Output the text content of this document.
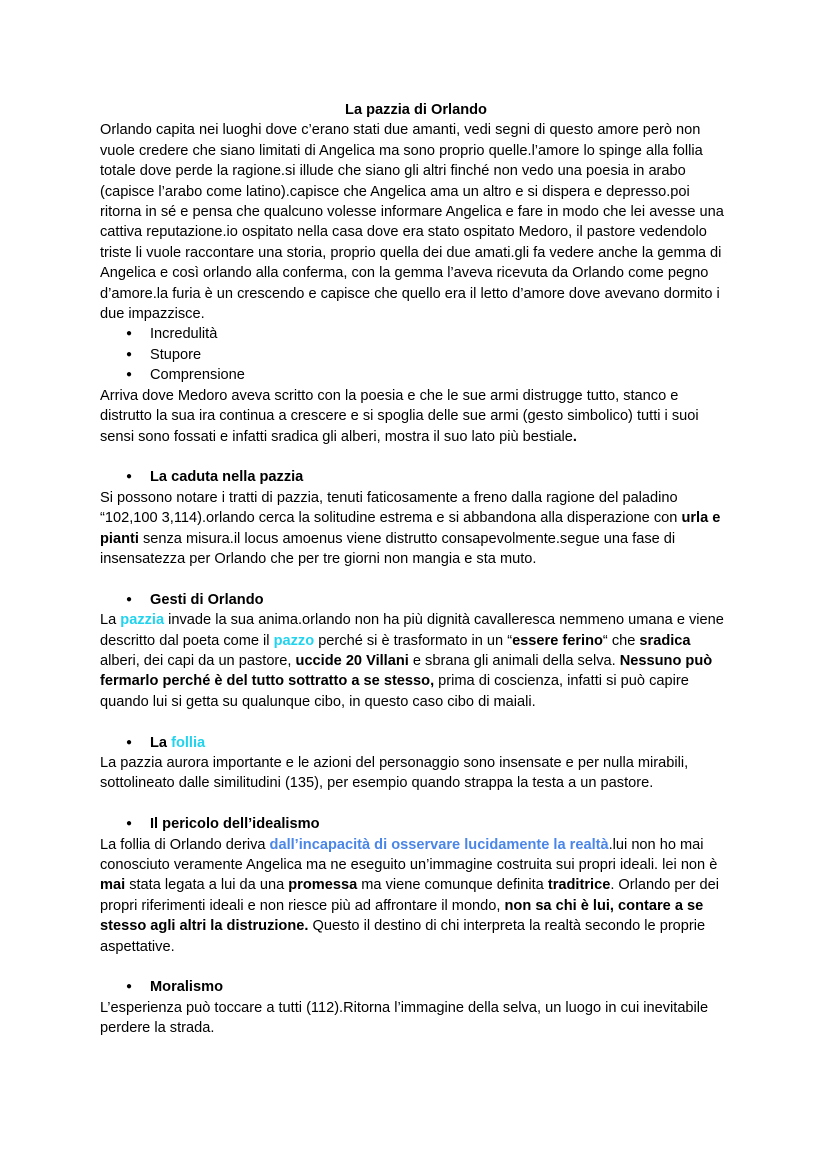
La pazzia di Orlando

Orlando capita nei luoghi dove c’erano stati due amanti, vedi segni di questo amore però non vuole credere che siano limitati di Angelica ma sono proprio quelle.l’amore lo spinge alla follia totale dove perde la ragione.si illude che siano gli altri finché non vedo una poesia in arabo (capisce l’arabo come latino).capisce che Angelica ama un altro e si dispera e depresso.poi ritorna in sé e pensa che qualcuno volesse informare Angelica e fare in modo che lei avesse una cattiva reputazione.io ospitato nella casa dove era stato ospitato Medoro, il pastore vedendolo triste li vuole raccontare una storia, proprio quella dei due amati.gli fa vedere anche la gemma di Angelica e così orlando alla conferma, con la gemma l’aveva ricevuta da Orlando come pegno d’amore.la furia è un crescendo e capisce che quello era il letto d’amore dove avevano dormito i due impazzisce.

● Incredulità
● Stupore
● Comprensione

Arriva dove Medoro aveva scritto con la poesia e che le sue armi distrugge tutto, stanco e distrutto la sua ira continua a crescere e si spoglia delle sue armi (gesto simbolico) tutti i suoi sensi sono fossati e infatti sradica gli alberi, mostra il suo lato più bestiale.

● La caduta nella pazzia

Si possono notare i tratti di pazzia, tenuti faticosamente a freno dalla ragione del paladino “102,100 3,114).orlando cerca la solitudine estrema e si abbandona alla disperazione con urla e pianti senza misura.il locus amoenus viene distrutto consapevolmente.segue una fase di insensatezza per Orlando che per tre giorni non mangia e sta muto.

● Gesti di Orlando

La pazzia invade la sua anima.orlando non ha più dignità cavalleresca nemmeno umana e viene descritto dal poeta come il pazzo perché si è trasformato in un “essere ferino“ che sradica alberi, dei capi da un pastore, uccide 20 Villani e sbrana gli animali della selva. Nessuno può fermarlo perché è del tutto sottratto a se stesso, prima di coscienza, infatti si può capire quando lui si getta su qualunque cibo, in questo caso cibo di maiali.

● La follia

La pazzia aurora importante e le azioni del personaggio sono insensate e per nulla mirabili, sottolineato dalle similitudini (135), per esempio quando strappa la testa a un pastore.

● Il pericolo dell’idealismo

La follia di Orlando deriva dall’incapacità di osservare lucidamente la realtà.lui non ho mai conosciuto veramente Angelica ma ne eseguito un’immagine costruita sui propri ideali. lei non è mai stata legata a lui da una promessa ma viene comunque definita traditrice. Orlando per dei propri riferimenti ideali e non riesce più ad affrontare il mondo, non sa chi è lui, contare a se stesso agli altri la distruzione. Questo il destino di chi interpreta la realtà secondo le proprie aspettative.

● Moralismo

L’esperienza può toccare a tutti (112).Ritorna l’immagine della selva, un luogo in cui inevitabile perdere la strada.
